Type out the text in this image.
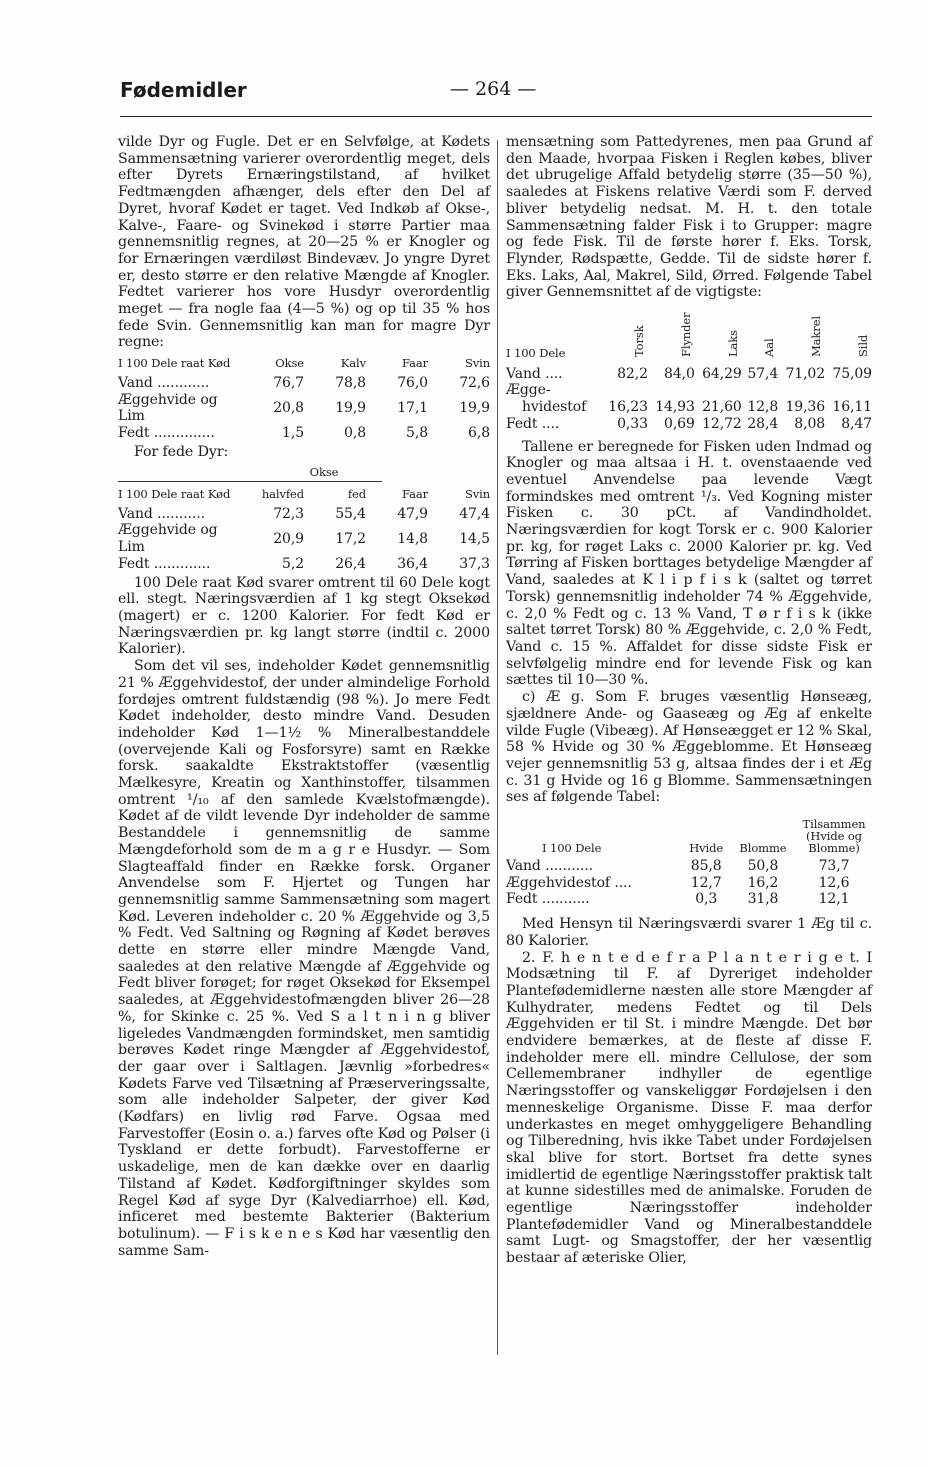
Fødemidler	— 264 —

vilde Dyr og Fugle. Det er en Selvfølge, at Kødets Sammensætning varierer overordentlig meget, dels efter Dyrets Ernæringstilstand, af hvilket Fedtmængden afhænger, dels efter den Del af Dyret, hvoraf Kødet er taget. Ved Indkøb af Okse-, Kalve-, Faare- og Svinekød i større Partier maa gennemsnitlig regnes, at 20—25 % er Knogler og for Ernæringen værdiløst Bindevæv. Jo yngre Dyret er, desto større er den relative Mængde af Knogler. Fedtet varierer hos vore Husdyr overordentlig meget — fra nogle faa (4—5 %) og op til 35 % hos fede Svin. Gennemsnitlig kan man for magre Dyr regne:

I 100 Dele raat Kød	Okse	Kalv	Faar	Svin
Vand ............	76,7	78,8	76,0	72,6
Æggehvide og Lim	20,8	19,9	17,1	19,9
Fedt ..............	1,5	0,8	5,8	6,8

For fede Dyr:

Okse
I 100 Dele raat Kød	halvfed	fed	Faar	Svin
Vand ...........	72,3	55,4	47,9	47,4
Æggehvide og Lim	20,9	17,2	14,8	14,5
Fedt .............	5,2	26,4	36,4	37,3

100 Dele raat Kød svarer omtrent til 60 Dele kogt ell. stegt. Næringsværdien af 1 kg stegt Oksekød (magert) er c. 1200 Kalorier. For fedt Kød er Næringsværdien pr. kg langt større (indtil c. 2000 Kalorier).

Som det vil ses, indeholder Kødet gennemsnitlig 21 % Æggehvidestof, der under almindelige Forhold fordøjes omtrent fuldstændig (98 %). Jo mere Fedt Kødet indeholder, desto mindre Vand. Desuden indeholder Kød 1—1½ % Mineralbestanddele (overvejende Kali og Fosforsyre) samt en Række forsk. saakaldte Ekstraktstoffer (væsentlig Mælkesyre, Kreatin og Xanthinstoffer, tilsammen omtrent ¹/₁₀ af den samlede Kvælstofmængde). Kødet af de vildt levende Dyr indeholder de samme Bestanddele i gennemsnitlig de samme Mængdeforhold som de m a g r e Husdyr. — Som Slagteaffald finder en Række forsk. Organer Anvendelse som F. Hjertet og Tungen har gennemsnitlig samme Sammensætning som magert Kød. Leveren indeholder c. 20 % Æggehvide og 3,5 % Fedt. Ved Saltning og Røgning af Kødet berøves dette en større eller mindre Mængde Vand, saaledes at den relative Mængde af Æggehvide og Fedt bliver forøget; for røget Oksekød for Eksempel saaledes, at Æggehvidestofmængden bliver 26—28 %, for Skinke c. 25 %. Ved S a l t n i n g bliver ligeledes Vandmængden formindsket, men samtidig berøves Kødet ringe Mængder af Æggehvidestof, der gaar over i Saltlagen. Jævnlig »forbedres« Kødets Farve ved Tilsætning af Præserveringssalte, som alle indeholder Salpeter, der giver Kød (Kødfars) en livlig rød Farve. Ogsaa med Farvestoffer (Eosin o. a.) farves ofte Kød og Pølser (i Tyskland er dette forbudt). Farvestofferne er uskadelige, men de kan dække over en daarlig Tilstand af Kødet. Kødforgiftninger skyldes som Regel Kød af syge Dyr (Kalvediarrhoe) ell. Kød, inficeret med bestemte Bakterier (Bakterium botulinum). — F i s k e n e s Kød har væsentlig den samme Sam-

mensætning som Pattedyrenes, men paa Grund af den Maade, hvorpaa Fisken i Reglen købes, bliver det ubrugelige Affald betydelig større (35—50 %), saaledes at Fiskens relative Værdi som F. derved bliver betydelig nedsat. M. H. t. den totale Sammensætning falder Fisk i to Grupper: magre og fede Fisk. Til de første hører f. Eks. Torsk, Flynder, Rødspætte, Gedde. Til de sidste hører f. Eks. Laks, Aal, Makrel, Sild, Ørred. Følgende Tabel giver Gennemsnittet af de vigtigste:

I 100 Dele	Torsk	Flynder	Laks	Aal	Makrel	Sild
Vand ....	82,2	84,0	64,29	57,4	71,02	75,09
Ægge-						
hvidestof	16,23	14,93	21,60	12,8	19,36	16,11
Fedt ....	0,33	0,69	12,72	28,4	8,08	8,47

Tallene er beregnede for Fisken uden Indmad og Knogler og maa altsaa i H. t. ovenstaaende ved eventuel Anvendelse paa levende Vægt formindskes med omtrent ¹/₃. Ved Kogning mister Fisken c. 30 pCt. af Vandindholdet. Næringsværdien for kogt Torsk er c. 900 Kalorier pr. kg, for røget Laks c. 2000 Kalorier pr. kg. Ved Tørring af Fisken borttages betydelige Mængder af Vand, saaledes at K l i p f i s k (saltet og tørret Torsk) gennemsnitlig indeholder 74 % Æggehvide, c. 2,0 % Fedt og c. 13 % Vand, T ø r f i s k (ikke saltet tørret Torsk) 80 % Æggehvide, c. 2,0 % Fedt, Vand c. 15 %. Affaldet for disse sidste Fisk er selvfølgelig mindre end for levende Fisk og kan sættes til 10—30 %.

c) Æ g. Som F. bruges væsentlig Hønseæg, sjældnere Ande- og Gaaseæg og Æg af enkelte vilde Fugle (Vibeæg). Af Hønseægget er 12 % Skal, 58 % Hvide og 30 % Æggeblomme. Et Hønseæg vejer gennemsnitlig 53 g, altsaa findes der i et Æg c. 31 g Hvide og 16 g Blomme. Sammensætningen ses af følgende Tabel:

I 100 Dele	Hvide	Blomme	Tilsammen (Hvide og Blomme)
Vand ...........	85,8	50,8	73,7
Æggehvidestof ....	12,7	16,2	12,6
Fedt ...........	0,3	31,8	12,1

Med Hensyn til Næringsværdi svarer 1 Æg til c. 80 Kalorier.

2. F. h e n t e d e f r a P l a n t e r i g e t. I Modsætning til F. af Dyreriget indeholder Plantefødemidlerne næsten alle store Mængder af Kulhydrater, medens Fedtet og til Dels Æggehviden er til St. i mindre Mængde. Det bør endvidere bemærkes, at de fleste af disse F. indeholder mere ell. mindre Cellulose, der som Cellemembraner indhyller de egentlige Næringsstoffer og vanskeliggør Fordøjelsen i den menneskelige Organisme. Disse F. maa derfor underkastes en meget omhyggeligere Behandling og Tilberedning, hvis ikke Tabet under Fordøjelsen skal blive for stort. Bortset fra dette synes imidlertid de egentlige Næringsstoffer praktisk talt at kunne sidestilles med de animalske. Foruden de egentlige Næringsstoffer indeholder Plantefødemidler Vand og Mineralbestanddele samt Lugt- og Smagstoffer, der her væsentlig bestaar af æteriske Olier,
